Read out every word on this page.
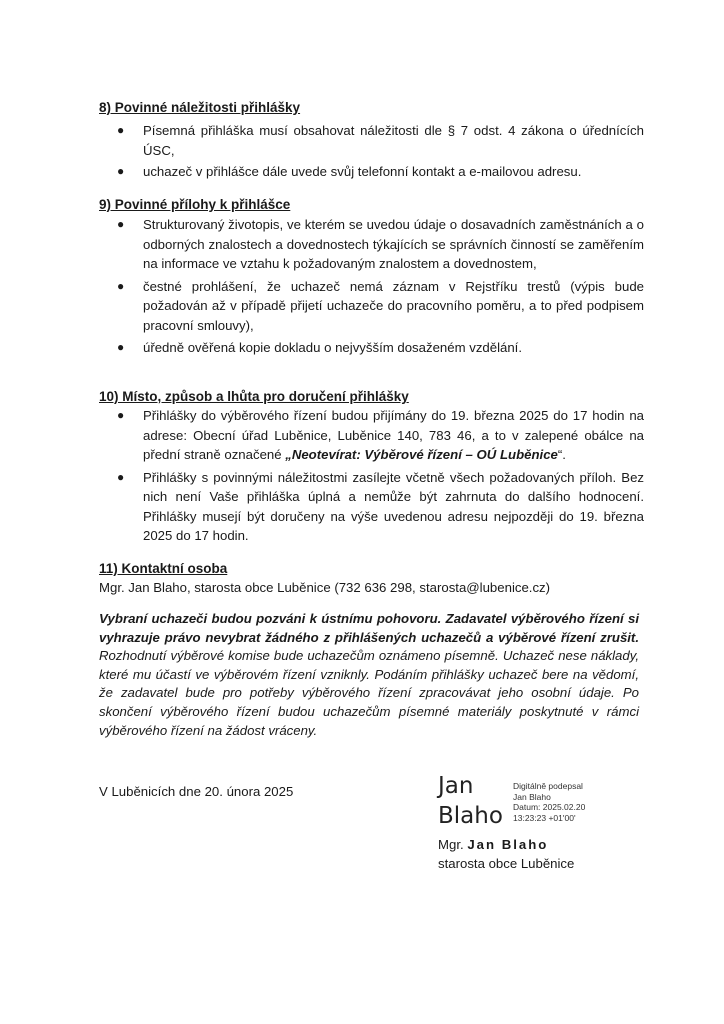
8) Povinné náležitosti přihlášky
● Písemná přihláška musí obsahovat náležitosti dle § 7 odst. 4 zákona o úřednících ÚSC,
● uchazeč v přihlášce dále uvede svůj telefonní kontakt a e-mailovou adresu.
9) Povinné přílohy k přihlášce
● Strukturovaný životopis, ve kterém se uvedou údaje o dosavadních zaměstnáních a o odborných znalostech a dovednostech týkajících se správních činností se zaměřením na informace ve vztahu k požadovaným znalostem a dovednostem,
● čestné prohlášení, že uchazeč nemá záznam v Rejstříku trestů (výpis bude požadován až v případě přijetí uchazeče do pracovního poměru, a to před podpisem pracovní smlouvy),
● úředně ověřená kopie dokladu o nejvyšším dosaženém vzdělání.
10) Místo, způsob a lhůta pro doručení přihlášky
● Přihlášky do výběrového řízení budou přijímány do 19. března 2025 do 17 hodin na adrese: Obecní úřad Luběnice, Luběnice 140, 783 46, a to v zalepené obálce na přední straně označené „Neotevírat: Výběrové řízení – OÚ Luběnice“.
● Přihlášky s povinnými náležitostmi zasílejte včetně všech požadovaných příloh. Bez nich není Vaše přihláška úplná a nemůže být zahrnuta do dalšího hodnocení. Přihlášky musejí být doručeny na výše uvedenou adresu nejpozději do 19. března 2025 do 17 hodin.
11) Kontaktní osoba
Mgr. Jan Blaho, starosta obce Luběnice (732 636 298, starosta@lubenice.cz)
Vybraní uchazeči budou pozváni k ústnímu pohovoru. Zadavatel výběrového řízení si vyhrazuje právo nevybrat žádného z přihlášených uchazečů a výběrové řízení zrušit. Rozhodnutí výběrové komise bude uchazečům oznámeno písemně. Uchazeč nese náklady, které mu účastí ve výběrovém řízení vzniknly. Podáním přihlášky uchazeč bere na vědomí, že zadavatel bude pro potřeby výběrového řízení zpracovávat jeho osobní údaje. Po skončení výběrového řízení budou uchazečům písemné materiály poskytnuté v rámci výběrového řízení na žádost vráceny.
V Luběnicích dne 20. února 2025	Jan
Blaho
Digitálně podepsal
Jan Blaho
Datum: 2025.02.20
13:23:23 +01'00'
Mgr. Jan Blaho
starosta obce Luběnice
